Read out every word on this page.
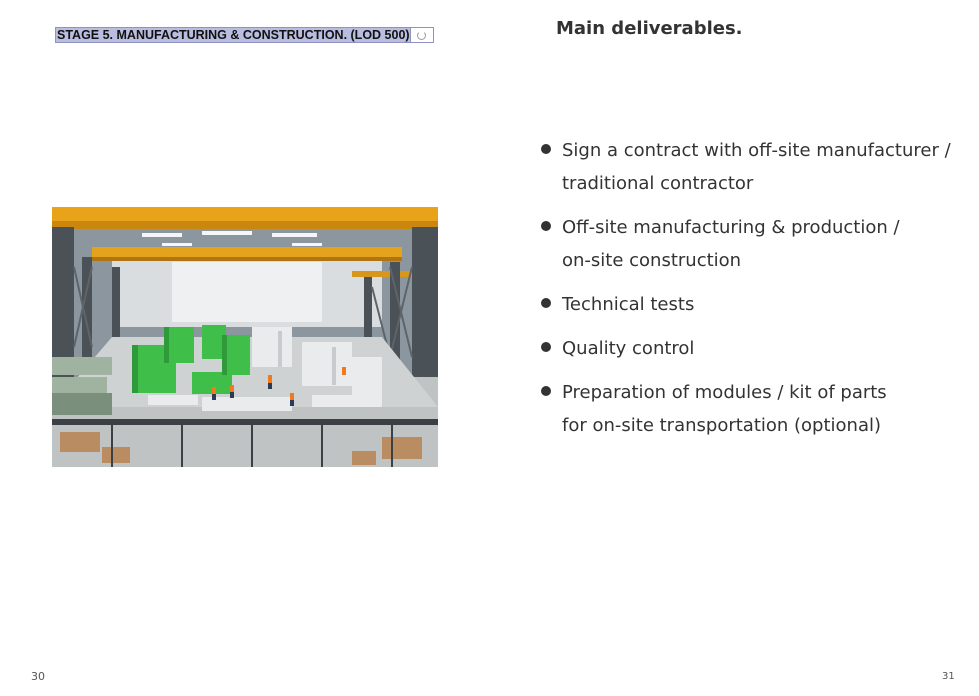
STAGE 5. MANUFACTURING & CONSTRUCTION. (LOD 500)	Main deliverables.
Sign a contract with off-site manufacturer /
traditional contractor
Off-site manufacturing & production /
on-site construction
Technical tests
Quality control
Preparation of modules / kit of parts
for on-site transportation (optional)
30	31
